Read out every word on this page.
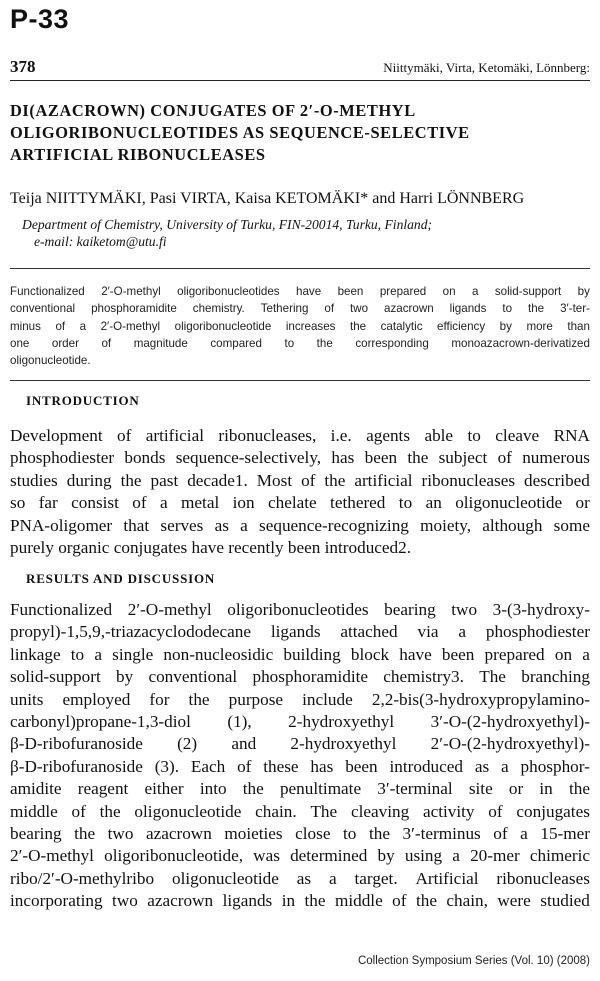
P-33
378	Niittymäki, Virta, Ketomäki, Lönnberg:
DI(AZACROWN) CONJUGATES OF 2′-O-METHYL
OLIGORIBONUCLEOTIDES AS SEQUENCE-SELECTIVE
ARTIFICIAL RIBONUCLEASES
Teija NIITTYMÄKI, Pasi VIRTA, Kaisa KETOMÄKI* and Harri LÖNNBERG
Department of Chemistry, University of Turku, FIN-20014, Turku, Finland;
e-mail: kaiketom@utu.fi
Functionalized 2′-O-methyl oligoribonucleotides have been prepared on a solid-support by
conventional phosphoramidite chemistry. Tethering of two azacrown ligands to the 3′-ter-
minus of a 2′-O-methyl oligoribonucleotide increases the catalytic efficiency by more than
one order of magnitude compared to the corresponding monoazacrown-derivatized
oligonucleotide.
INTRODUCTION
Development of artificial ribonucleases, i.e. agents able to cleave RNA
phosphodiester bonds sequence-selectively, has been the subject of numerous
studies during the past decade1. Most of the artificial ribonucleases described
so far consist of a metal ion chelate tethered to an oligonucleotide or
PNA-oligomer that serves as a sequence-recognizing moiety, although some
purely organic conjugates have recently been introduced2.
RESULTS AND DISCUSSION
Functionalized 2′-O-methyl oligoribonucleotides bearing two 3-(3-hydroxy-
propyl)-1,5,9,-triazacyclododecane ligands attached via a phosphodiester
linkage to a single non-nucleosidic building block have been prepared on a
solid-support by conventional phosphoramidite chemistry3. The branching
units employed for the purpose include 2,2-bis(3-hydroxypropylamino-
carbonyl)propane-1,3-diol (1), 2-hydroxyethyl 3′-O-(2-hydroxyethyl)-
β-D-ribofuranoside (2) and 2-hydroxyethyl 2′-O-(2-hydroxyethyl)-
β-D-ribofuranoside (3). Each of these has been introduced as a phosphor-
amidite reagent either into the penultimate 3′-terminal site or in the
middle of the oligonucleotide chain. The cleaving activity of conjugates
bearing the two azacrown moieties close to the 3′-terminus of a 15-mer
2′-O-methyl oligoribonucleotide, was determined by using a 20-mer chimeric
ribo/2′-O-methylribo oligonucleotide as a target. Artificial ribonucleases
incorporating two azacrown ligands in the middle of the chain, were studied
Collection Symposium Series (Vol. 10) (2008)
